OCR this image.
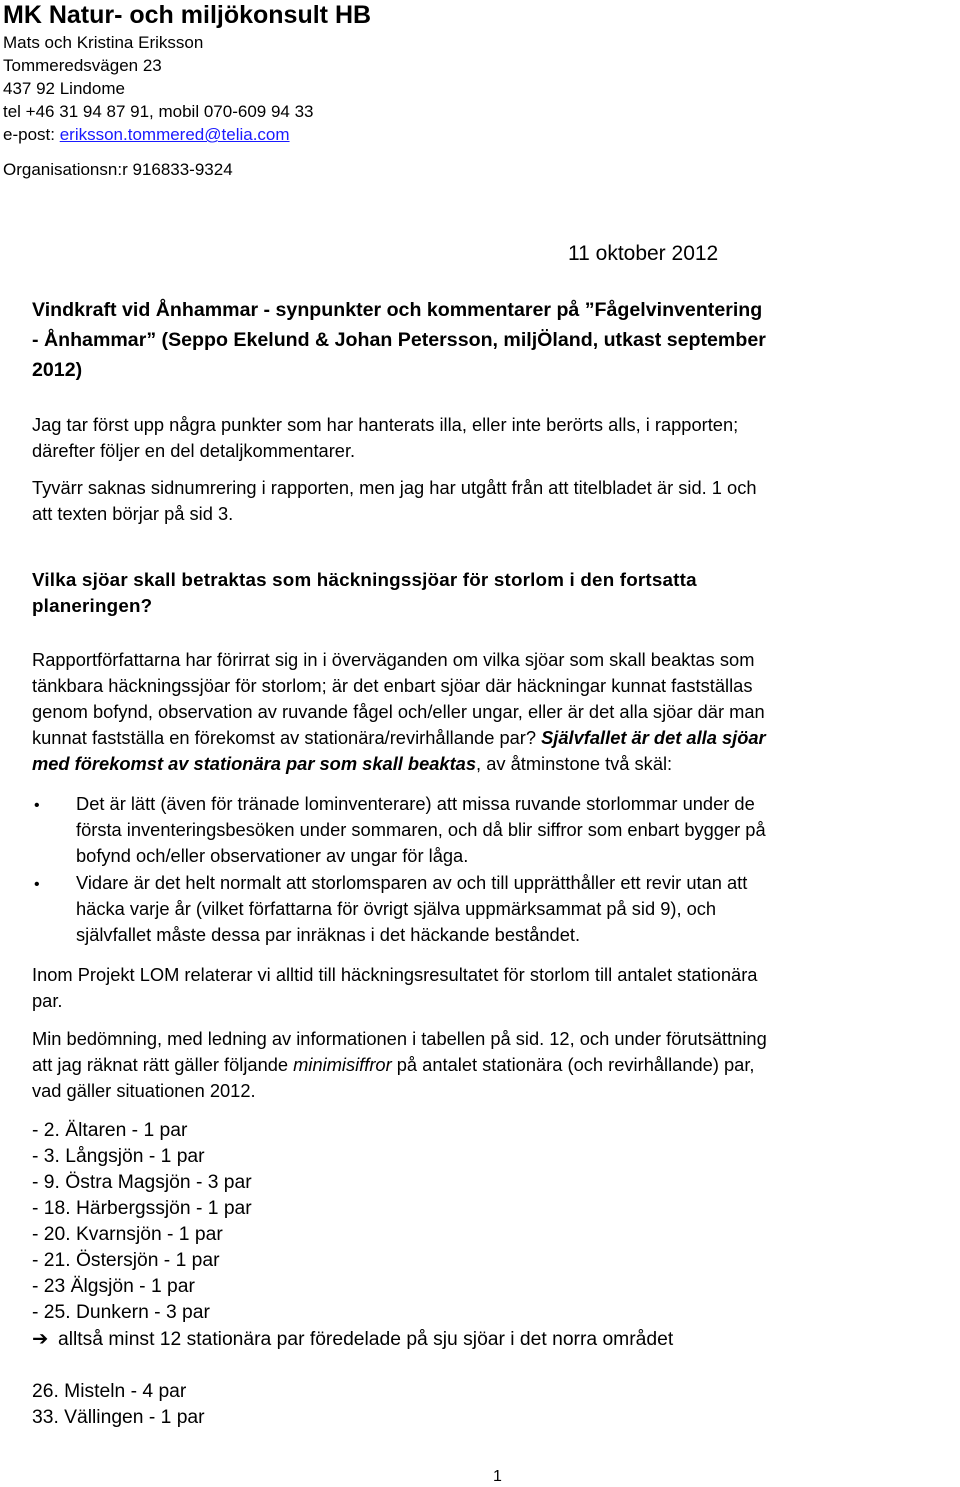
MK Natur- och miljökonsult HB
Mats och Kristina Eriksson
Tommeredsvägen 23
437 92 Lindome
tel +46 31 94 87 91, mobil 070-609 94 33
e-post: eriksson.tommered@telia.com
Organisationsn:r 916833-9324
11 oktober 2012
Vindkraft vid Ånhammar - synpunkter och kommentarer på ”Fågelvinventering
- Ånhammar” (Seppo Ekelund & Johan Petersson, miljÖland, utkast september
2012)
Jag tar först upp några punkter som har hanterats illa, eller inte berörts alls, i rapporten;
därefter följer en del detaljkommentarer.
Tyvärr saknas sidnumrering i rapporten, men jag har utgått från att titelbladet är sid. 1 och
att texten börjar på sid 3.
Vilka sjöar skall betraktas som häckningssjöar för storlom i den fortsatta
planeringen?
Rapportförfattarna har förirrat sig in i överväganden om vilka sjöar som skall beaktas som
tänkbara häckningssjöar för storlom; är det enbart sjöar där häckningar kunnat fastställas
genom bofynd, observation av ruvande fågel och/eller ungar, eller är det alla sjöar där man
kunnat fastställa en förekomst av stationära/revirhållande par? Självfallet är det alla sjöar
med förekomst av stationära par som skall beaktas, av åtminstone två skäl:
• Det är lätt (även för tränade lominventerare) att missa ruvande storlommar under de
första inventeringsbesöken under sommaren, och då blir siffror som enbart bygger på
bofynd och/eller observationer av ungar för låga.
• Vidare är det helt normalt att storlomsparen av och till upprätthåller ett revir utan att
häcka varje år (vilket författarna för övrigt själva uppmärksammat på sid 9), och
självfallet måste dessa par inräknas i det häckande beståndet.
Inom Projekt LOM relaterar vi alltid till häckningsresultatet för storlom till antalet stationära
par.
Min bedömning, med ledning av informationen i tabellen på sid. 12, och under förutsättning
att jag räknat rätt gäller följande minimisiffror på antalet stationära (och revirhållande) par,
vad gäller situationen 2012.
- 2. Ältaren - 1 par
- 3. Långsjön - 1 par
- 9. Östra Magsjön - 3 par
- 18. Härbergssjön - 1 par
- 20. Kvarnsjön - 1 par
- 21. Östersjön - 1 par
- 23 Älgsjön - 1 par
- 25. Dunkern - 3 par
➔ alltså minst 12 stationära par föredelade på sju sjöar i det norra området
26. Misteln - 4 par
33. Vällingen - 1 par
1
